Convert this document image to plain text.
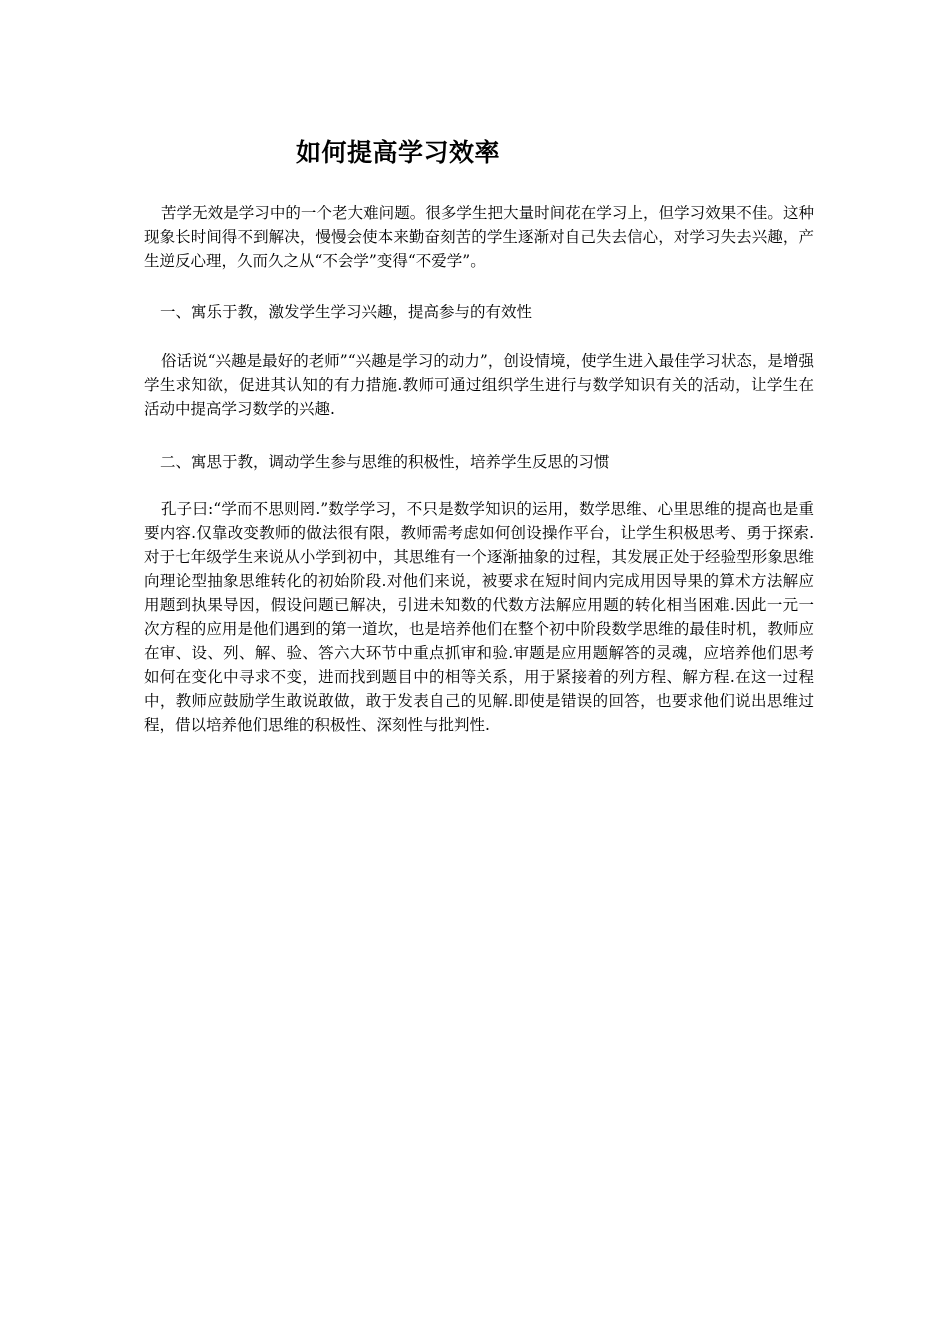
如何提高学习效率
苦学无效是学习中的一个老大难问题。很多学生把大量时间花在学习上，但学习效果不佳。这种现象长时间得不到解决，慢慢会使本来勤奋刻苦的学生逐渐对自己失去信心，对学习失去兴趣，产生逆反心理，久而久之从“不会学”变得“不爱学”。
一、寓乐于教，激发学生学习兴趣，提高参与的有效性
俗话说“兴趣是最好的老师”“兴趣是学习的动力”，创设情境，使学生进入最佳学习状态，是增强学生求知欲，促进其认知的有力措施.教师可通过组织学生进行与数学知识有关的活动，让学生在活动中提高学习数学的兴趣.
二、寓思于教，调动学生参与思维的积极性，培养学生反思的习惯
孔子曰:“学而不思则罔.”数学学习，不只是数学知识的运用，数学思维、心里思维的提高也是重要内容.仅靠改变教师的做法很有限，教师需考虑如何创设操作平台，让学生积极思考、勇于探索.对于七年级学生来说从小学到初中，其思维有一个逐渐抽象的过程，其发展正处于经验型形象思维向理论型抽象思维转化的初始阶段.对他们来说，被要求在短时间内完成用因导果的算术方法解应用题到执果导因，假设问题已解决，引进未知数的代数方法解应用题的转化相当困难.因此一元一次方程的应用是他们遇到的第一道坎，也是培养他们在整个初中阶段数学思维的最佳时机，教师应在审、设、列、解、验、答六大环节中重点抓审和验.审题是应用题解答的灵魂，应培养他们思考如何在变化中寻求不变，进而找到题目中的相等关系，用于紧接着的列方程、解方程.在这一过程中，教师应鼓励学生敢说敢做，敢于发表自己的见解.即使是错误的回答，也要求他们说出思维过程，借以培养他们思维的积极性、深刻性与批判性.
